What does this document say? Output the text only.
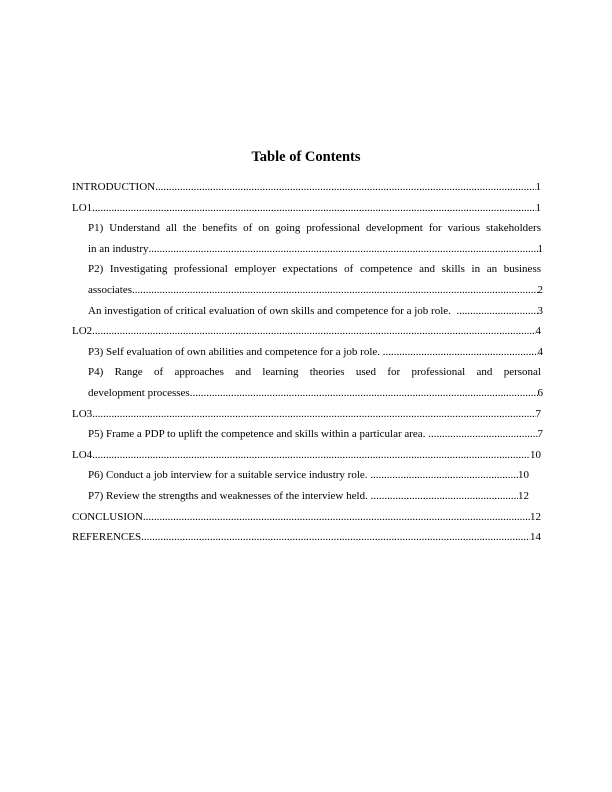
Table of Contents
INTRODUCTION .....	1
LO1 .....	1
P1) Understand all the benefits of on going professional development for various stakeholders
in an industry .....	1
P2) Investigating professional employer expectations of competence and skills in an business
associates. .....	2
An investigation of critical evaluation of own skills and competence for a job role. .....	3
LO2 .....	4
P3) Self evaluation of own abilities and competence for a job role. .....	4
P4) Range of approaches and learning theories used for professional and personal
development processes .....	6
LO3 .....	7
P5) Frame a PDP to uplift the competence and skills within a particular area. .....	7
LO4 .....	10
P6) Conduct a job interview for a suitable service industry role. .....	10
P7) Review the strengths and weaknesses of the interview held. .....	12
CONCLUSION .....	12
REFERENCES .....	14
